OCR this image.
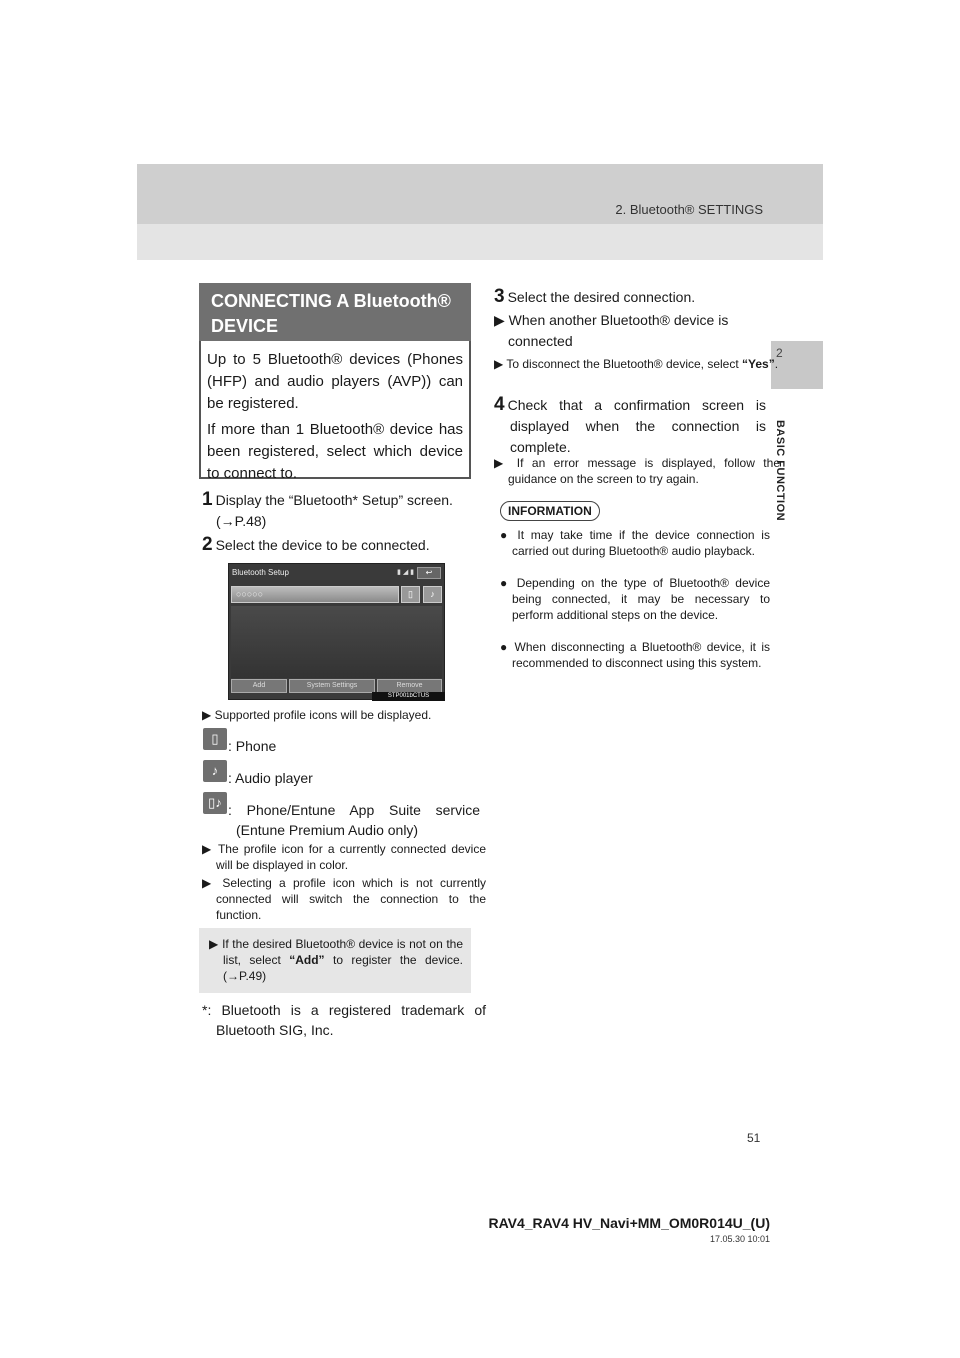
2. Bluetooth® SETTINGS
2
BASIC FUNCTION
CONNECTING A Bluetooth®
DEVICE

Up to 5 Bluetooth® devices (Phones (HFP) and audio players (AVP)) can be registered.

If more than 1 Bluetooth® device has been registered, select which device to connect to.

1 Display the “Bluetooth* Setup” screen.
(→P.48)
2 Select the device to be connected.
Bluetooth Setup	▮ ◢ ▮	↩
○○○○○	▯	♪
Add	System Settings	Remove
STP001bCTUS
▶ Supported profile icons will be displayed.
▯ : Phone
♪ : Audio player
▯♪ : Phone/Entune App Suite service (Entune Premium Audio only)
▶ The profile icon for a currently connected device will be displayed in color.
▶ Selecting a profile icon which is not currently connected will switch the connection to the function.
▶ If the desired Bluetooth® device is not on the list, select “Add” to register the device. (→P.49)
*: Bluetooth is a registered trademark of Bluetooth SIG, Inc.
3 Select the desired connection.
▶ When another Bluetooth® device is connected
▶ To disconnect the Bluetooth® device, select “Yes”.
4 Check that a confirmation screen is displayed when the connection is complete.
▶ If an error message is displayed, follow the guidance on the screen to try again.
INFORMATION
● It may take time if the device connection is carried out during Bluetooth® audio playback.
● Depending on the type of Bluetooth® device being connected, it may be necessary to perform additional steps on the device.
● When disconnecting a Bluetooth® device, it is recommended to disconnect using this system.
51
RAV4_RAV4 HV_Navi+MM_OM0R014U_(U)
17.05.30 10:01
